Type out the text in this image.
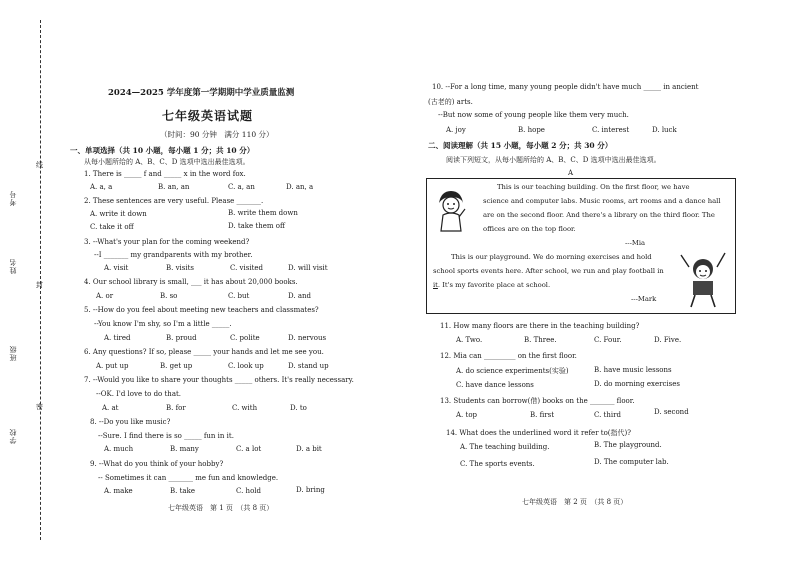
考号
线
姓名
封
班级
密
学校
2024—2025 学年度第一学期期中学业质量监测
七年级英语试题
（时间：90 分钟　满分 110 分）
一、单项选择（共 10 小题，每小题 1 分；共 10 分）
从每小题所给的 A、B、C、D 选项中选出最佳选项。
1. There is _____ f and _____ x in the word fox.
A. a, a	B. an, an	C. a, an	D. an, a
2. These sentences are very useful. Please _______.
A. write it down	B. write them down
C. take it off	D. take them off
3. --What's your plan for the coming weekend?
--I _______ my grandparents with my brother.
A. visit	B. visits	C. visited	D. will visit
4. Our school library is small, ___ it has about 20,000 books.
A. or	B. so	C. but	D. and
5. --How do you feel about meeting new teachers and classmates?
--You know I'm shy, so I'm a little _____.
A. tired	B. proud	C. polite	D. nervous
6. Any questions? If so, please _____ your hands and let me see you.
A. put up	B. get up	C. look up	D. stand up
7. --Would you like to share your thoughts _____ others. It's really necessary.
--OK. I'd love to do that.
A. at	B. for	C. with	D. to
8. --Do you like music?
--Sure. I find there is so _____ fun in it.
A. much	B. many	C. a lot	D. a bit
9. --What do you think of your hobby?
-- Sometimes it can _______ me fun and knowledge.
A. make	B. take	C. hold	D. bring
七年级英语　第 1 页　（共 8 页）
10. --For a long time, many young people didn't have much _____ in ancient
(古老的) arts.
--But now some of young people like them very much.
A. joy	B. hope	C. interest	D. luck
二、阅读理解（共 15 小题，每小题 2 分；共 30 分）
阅读下列短文，从每小题所给的 A、B、C、D 选项中选出最佳选项。
A
This is our teaching building. On the first floor, we have
science and computer labs. Music rooms, art rooms and a dance hall
are on the second floor. And there's a library on the third floor. The
offices are on the top floor.
---Mia
This is our playground. We do morning exercises and hold
school sports events here. After school, we run and play football in
it. It's my favorite place at school.
---Mark
11. How many floors are there in the teaching building?
A. Two.	B. Three.	C. Four.	D. Five.
12. Mia can _________ on the first floor.
A. do science experiments(实验)	B. have music lessons
C. have dance lessons	D. do morning exercises
13. Students can borrow(借) books on the _______ floor.
A. top	B. first	C. third	D. second
14. What does the underlined word it refer to(指代)?
A. The teaching building.	B. The playground.
C. The sports events.	D. The computer lab.
七年级英语　第 2 页　（共 8 页）
